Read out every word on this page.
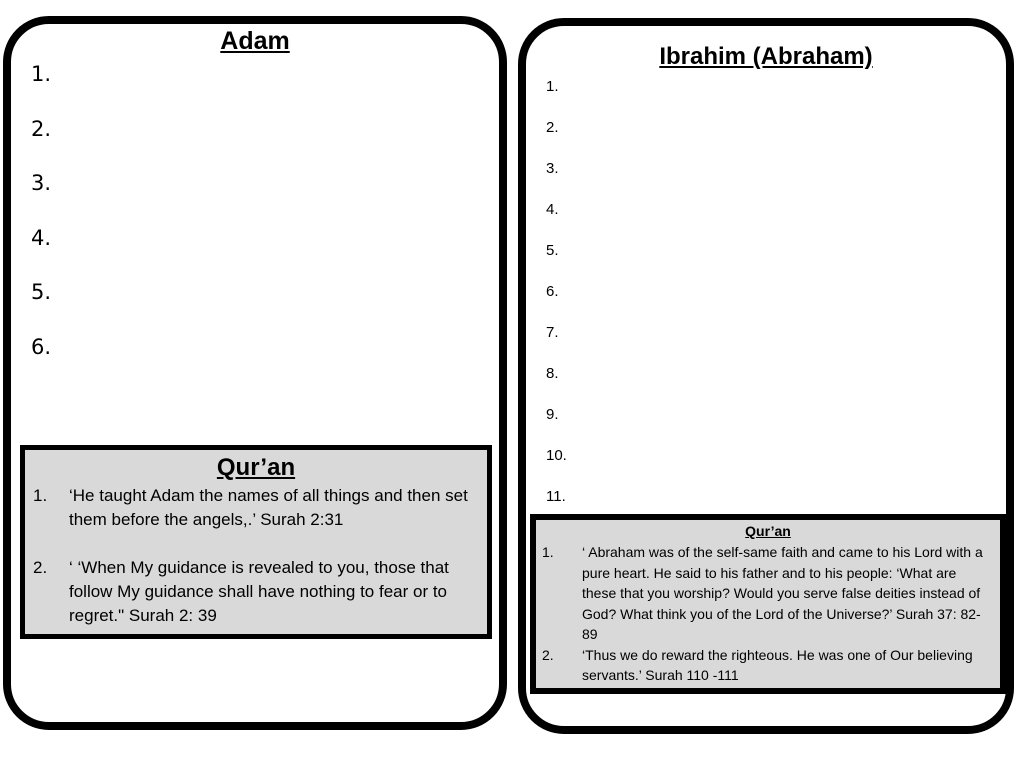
Adam
1.
2.
3.
4.
5.
6.
Qur’an
1. ‘He taught Adam the names of all things and then set them before the angels,.’ Surah 2:31
2. ‘ ‘When My guidance is revealed to you, those that follow My guidance shall have nothing to fear or to regret." Surah 2: 39
Ibrahim (Abraham)
1.
2.
3.
4.
5.
6.
7.
8.
9.
10.
11.
Qur’an
1. ‘ Abraham was of the self-same faith and came to his Lord with a pure heart. He said to his father and to his people: ‘What are these that you worship? Would you serve false deities instead of God? What think you of the Lord of the Universe?’ Surah 37: 82-89
2. ‘Thus we do reward the righteous. He was one of Our believing servants.’ Surah 110 -111
